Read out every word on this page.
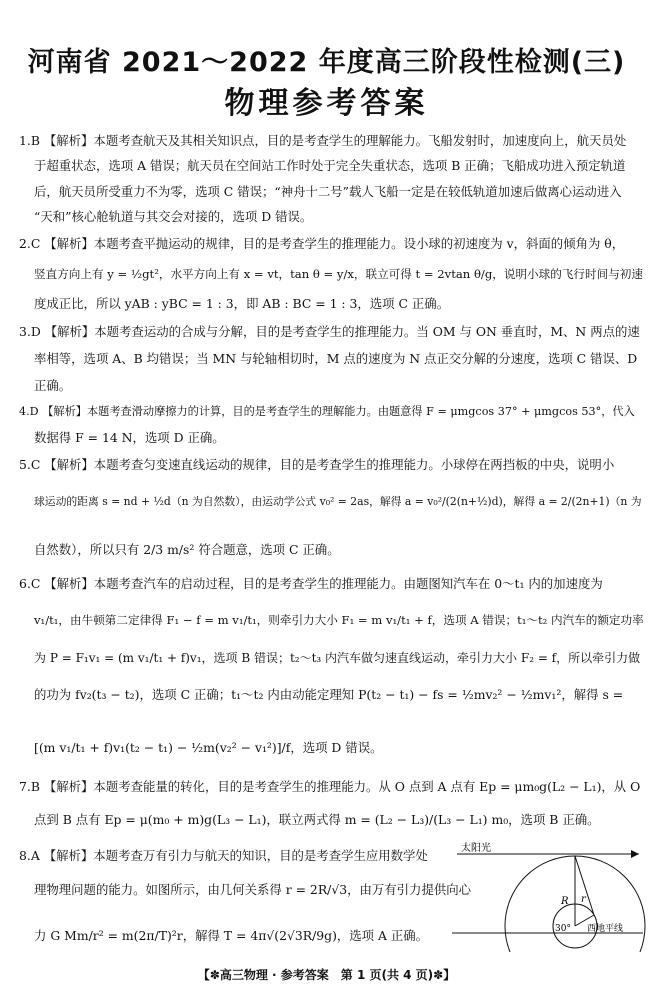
河南省 2021～2022 年度高三阶段性检测(三)
物理参考答案
1.B 【解析】本题考查航天及其相关知识点，目的是考查学生的理解能力。飞船发射时，加速度向上，航天员处
于超重状态，选项 A 错误；航天员在空间站工作时处于完全失重状态，选项 B 正确；飞船成功进入预定轨道
后，航天员所受重力不为零，选项 C 错误；“神舟十二号”载人飞船一定是在较低轨道加速后做离心运动进入
“天和”核心舱轨道与其交会对接的，选项 D 错误。
2.C 【解析】本题考查平抛运动的规律，目的是考查学生的推理能力。设小球的初速度为 v，斜面的倾角为 θ，
竖直方向上有 y = ½gt²，水平方向上有 x = vt，tan θ = y/x，联立可得 t = 2vtan θ/g，说明小球的飞行时间与初速
度成正比，所以 yAB : yBC = 1 : 3，即 AB : BC = 1 : 3，选项 C 正确。
3.D 【解析】本题考查运动的合成与分解，目的是考查学生的推理能力。当 OM 与 ON 垂直时，M、N 两点的速
率相等，选项 A、B 均错误；当 MN 与轮轴相切时，M 点的速度为 N 点正交分解的分速度，选项 C 错误、D
正确。
4.D 【解析】本题考查滑动摩擦力的计算，目的是考查学生的理解能力。由题意得 F = μmgcos 37° + μmgcos 53°，代入
数据得 F = 14 N，选项 D 正确。
5.C 【解析】本题考查匀变速直线运动的规律，目的是考查学生的推理能力。小球停在两挡板的中央，说明小
球运动的距离 s = nd + ½d（n 为自然数），由运动学公式 v₀² = 2as，解得 a = v₀²/(2(n+½)d)，解得 a = 2/(2n+1)（n 为
自然数），所以只有 2/3 m/s² 符合题意，选项 C 正确。
6.C 【解析】本题考查汽车的启动过程，目的是考查学生的推理能力。由题图知汽车在 0～t₁ 内的加速度为
v₁/t₁，由牛顿第二定律得 F₁ − f = m v₁/t₁，则牵引力大小 F₁ = m v₁/t₁ + f，选项 A 错误；t₁～t₂ 内汽车的额定功率
为 P = F₁v₁ = (m v₁/t₁ + f)v₁，选项 B 错误；t₂～t₃ 内汽车做匀速直线运动，牵引力大小 F₂ = f，所以牵引力做
的功为 fv₂(t₃ − t₂)，选项 C 正确；t₁～t₂ 内由动能定理知 P(t₂ − t₁) − fs = ½mv₂² − ½mv₁²，解得 s =
[(m v₁/t₁ + f)v₁(t₂ − t₁) − ½m(v₂² − v₁²)]/f，选项 D 错误。
7.B 【解析】本题考查能量的转化，目的是考查学生的推理能力。从 O 点到 A 点有 Ep = μm₀g(L₂ − L₁)，从 O
点到 B 点有 Ep = μ(m₀ + m)g(L₃ − L₁)，联立两式得 m = (L₂ − L₃)/(L₃ − L₁) m₀，选项 B 正确。
8.A 【解析】本题考查万有引力与航天的知识，目的是考查学生应用数学处
理物理问题的能力。如图所示，由几何关系得 r = 2R/√3，由万有引力提供向心
力 G Mm/r² = m(2π/T)²r，解得 T = 4π√(2√3R/9g)，选项 A 正确。
太阳光
R r
30° 西地平线
【✽高三物理 · 参考答案　第 1 页(共 4 页)✽】
